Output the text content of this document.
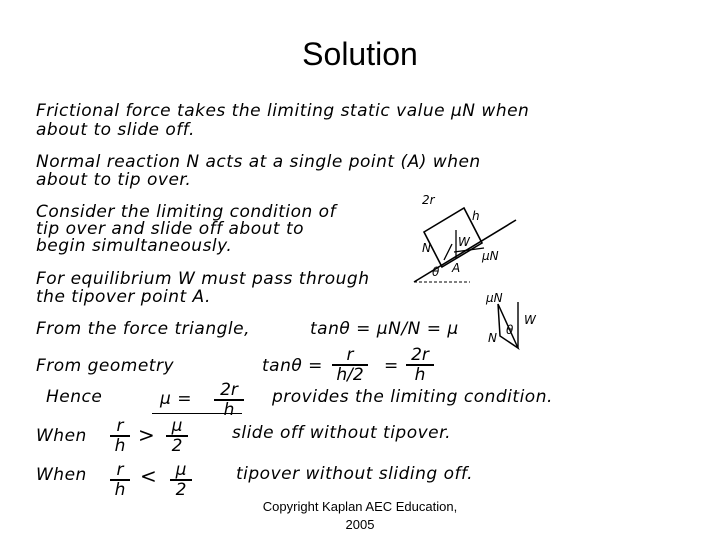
Solution
Frictional force takes the limiting static value μN when
about to slide off.
Normal reaction N acts at a single point (A) when
about to tip over.
Consider the limiting condition of
tip over and slide off about to
begin simultaneously.
For equilibrium W must pass through
the tipover point A.
From the force triangle,	tanθ = μN/N = μ
From geometry	$\tan\theta = \frac{r}{h/2} = \frac{2r}{h}$
Hence	$\mu = \frac{2r}{h}$ provides the limiting condition.
When $\frac{r}{h} > \frac{\mu}{2}$	slide off without tipover.
When $\frac{r}{h} < \frac{\mu}{2}$	tipover without sliding off.
2r
h
N W
μN
A
θ
μN
W
N
θ
Copyright Kaplan AEC Education,
2005
